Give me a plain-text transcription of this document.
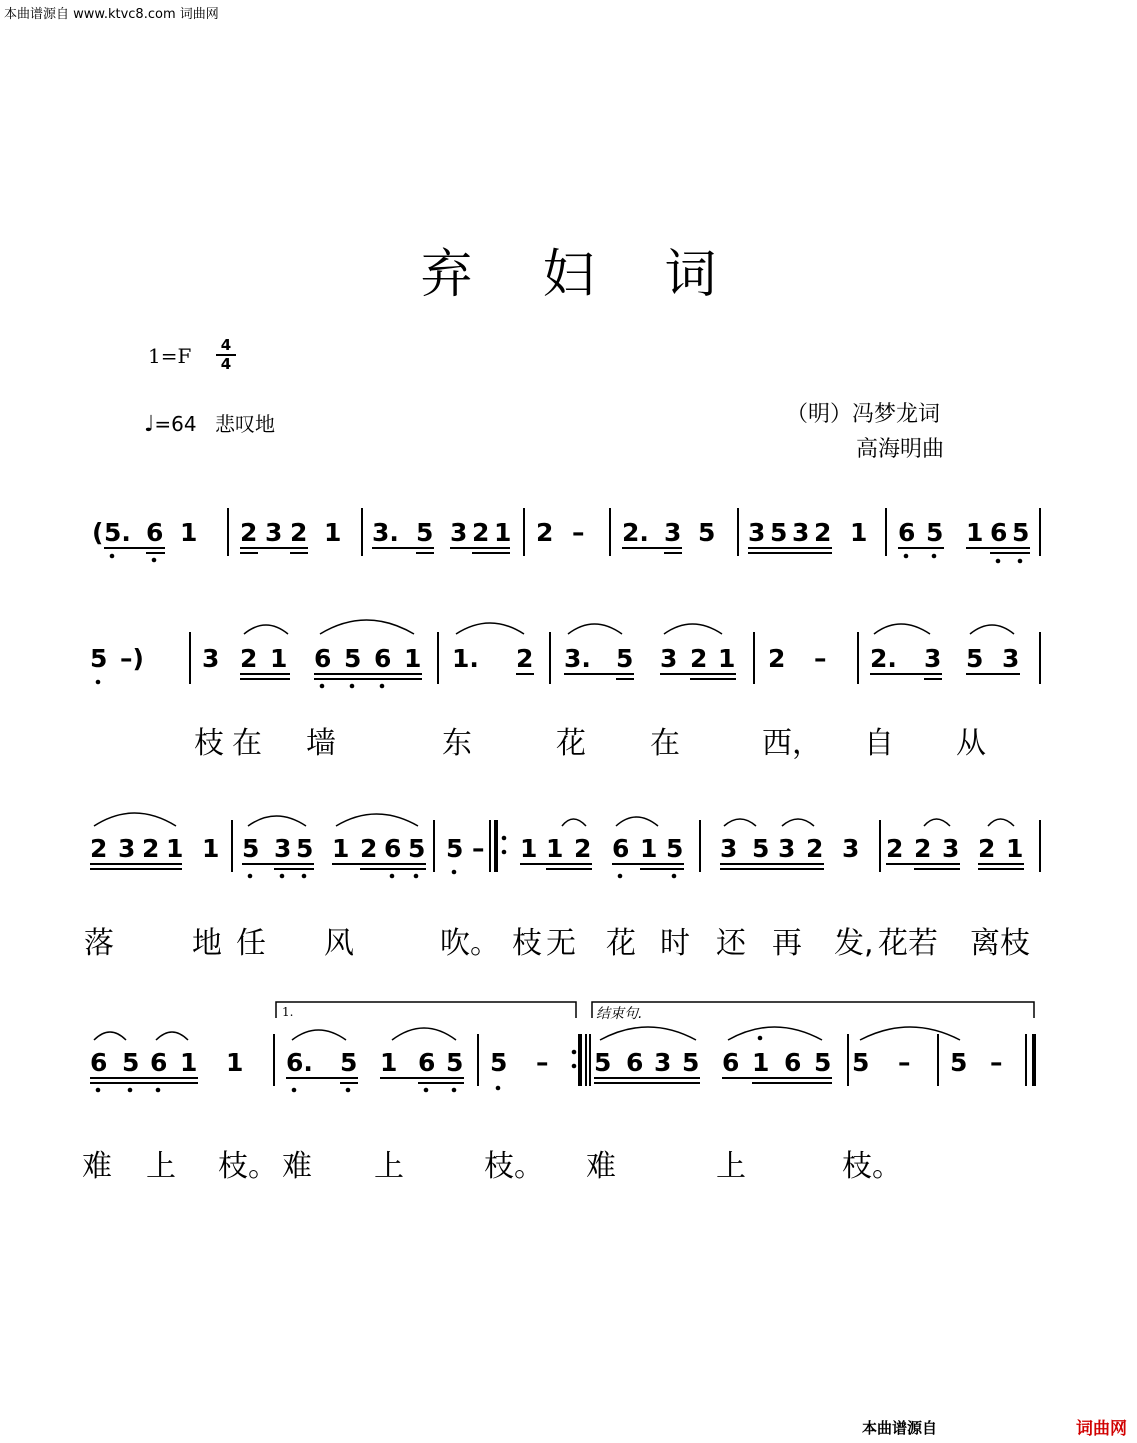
本曲谱源自 www.ktvc8.com 词曲网
弃妇词
1=F	4
4
♩=64 悲叹地	（明）冯梦龙词
高海明曲
( 5. 6 1 2 3 2 1 3. 5 3 2 1 2 – 2. 3 5 3 5 3 2 1 6 5 1 6 5
5 –) 3 2 1 6 5 6 1 1. 2 3. 5 3 2 1 2 – 2. 3 5 3
2 3 2 1 1 5 3 5 1 2 6 5 5 – 1 1 2 6 1 5 3 5 3 2 3 2 2 3 2 1
6 5 6 1 1 6. 5 1 6 5 5 – 5 6 3 5 6 1 6 5 5 – 5 –
1.	结束句.
枝 在 墙	东	花 在	西， 自 从
落	地 任 风	吹。 枝 无 花 时 还 再 发, 花 若 离 枝
难 上 枝。 难 上	枝。 难	上	枝。
本曲谱源自	词曲网
